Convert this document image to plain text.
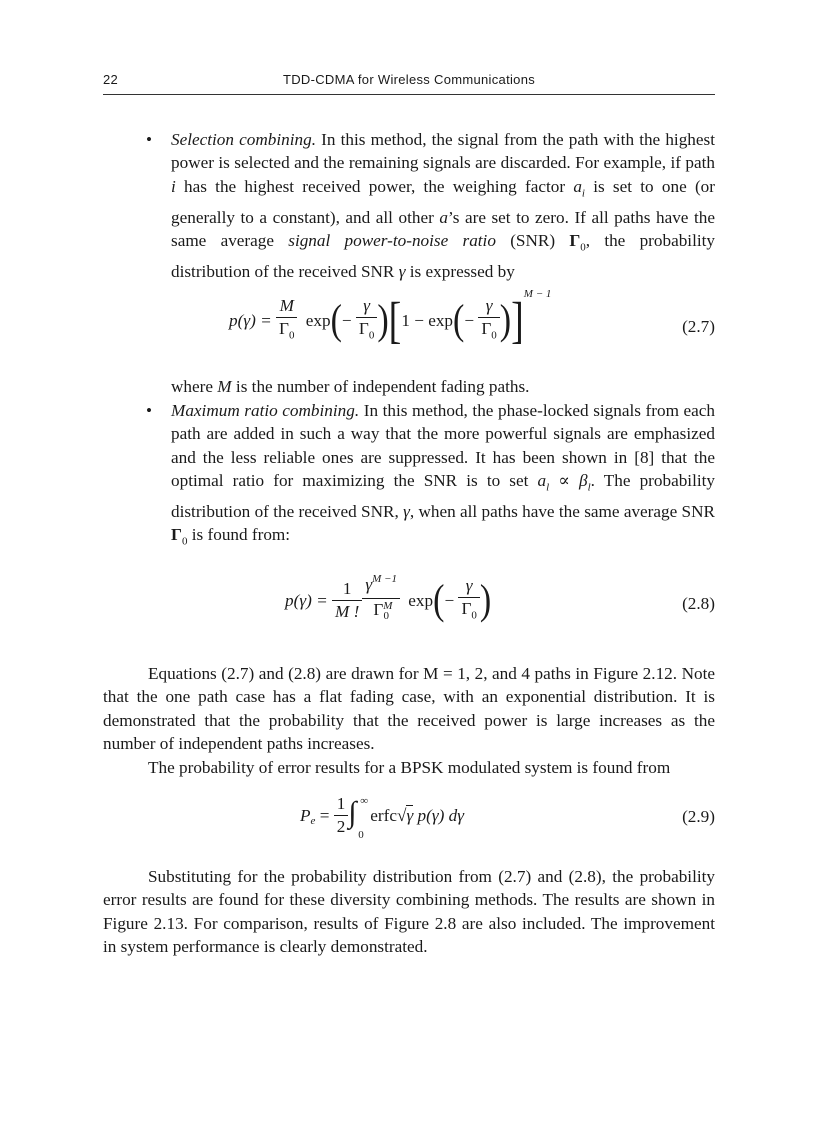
22	TDD-CDMA for Wireless Communications
• Selection combining. In this method, the signal from the path with the highest power is selected and the remaining signals are discarded. For example, if path i has the highest received power, the weighing factor $a_i$ is set to one (or generally to a constant), and all other a’s are set to zero. If all paths have the same average signal power-to-noise ratio (SNR) $\Gamma_0$, the probability distribution of the received SNR γ is expressed by

$p(\gamma) = \frac{M}{\Gamma_0} \exp(- \frac{\gamma}{\Gamma_0} )[1 - \exp(- \frac{\gamma}{\Gamma_0} )]^{M - 1}$
(2.7)

where M is the number of independent fading paths.

• Maximum ratio combining. In this method, the phase-locked signals from each path are added in such a way that the more powerful signals are emphasized and the less reliable ones are suppressed. It has been shown in [8] that the optimal ratio for maximizing the SNR is to set $a_l \propto \beta_l$. The probability distribution of the received SNR, γ, when all paths have the same average SNR $\Gamma_0$ is found from:

$p(\gamma) = \frac{1}{M !} \frac{\gamma^{M -1}}{\Gamma^M_0} \exp(- \frac{\gamma}{\Gamma_0}$ )	(2.8)

Equations (2.7) and (2.8) are drawn for M = 1, 2, and 4 paths in Figure 2.12. Note that the one path case has a flat fading case, with an exponential distribution. It is demonstrated that the probability that the received power is large increases as the number of independent paths increases.

The probability of error results for a BPSK modulated system is found from

$P_e = \frac{1}{2}$ ∫ ∞
0
erfc√γ p(γ) dγ	(2.9)

Substituting for the probability distribution from (2.7) and (2.8), the probability error results are found for these diversity combining methods. The results are shown in Figure 2.13. For comparison, results of Figure 2.8 are also included. The improvement in system performance is clearly demonstrated.
